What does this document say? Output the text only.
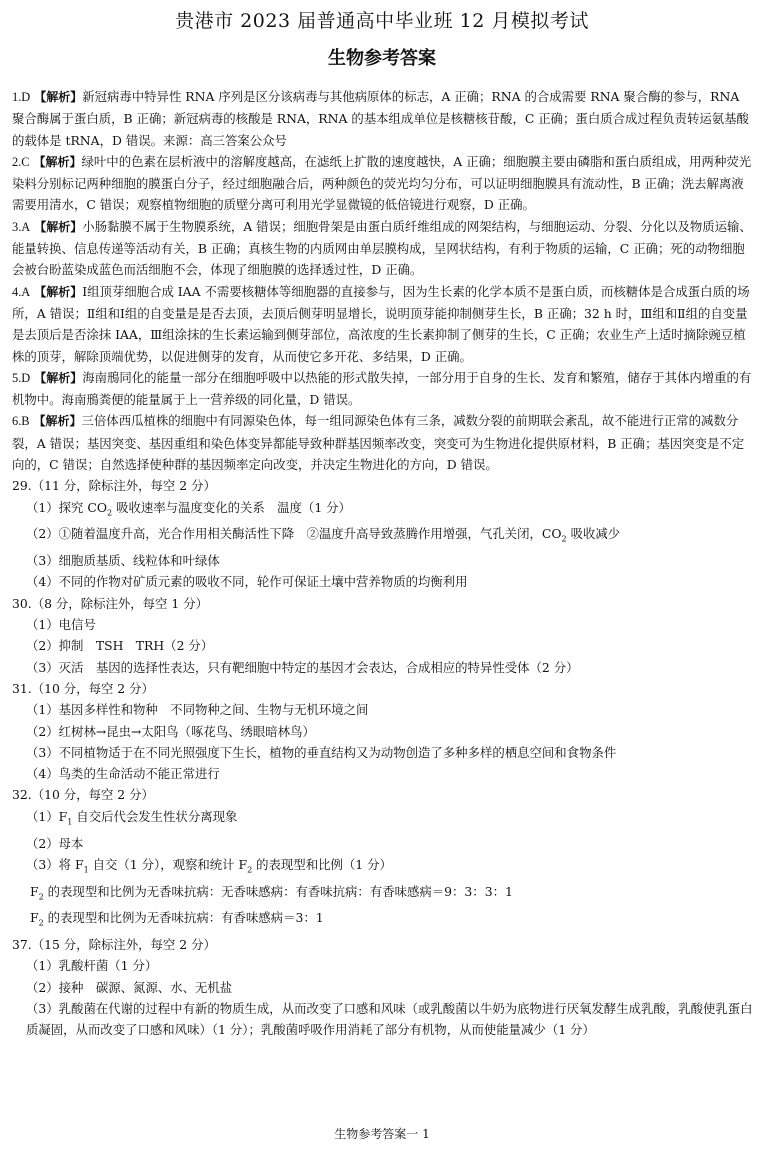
贵港市 2023 届普通高中毕业班 12 月模拟考试
生物参考答案

1.D 【解析】新冠病毒中特异性 RNA 序列是区分该病毒与其他病原体的标志，A 正确；RNA 的合成需要 RNA 聚合酶的参与，RNA 聚合酶属于蛋白质，B 正确；新冠病毒的核酸是 RNA，RNA 的基本组成单位是核糖核苷酸，C 正确；蛋白质合成过程负责转运氨基酸的载体是 tRNA，D 错误。来源：高三答案公众号

2.C 【解析】绿叶中的色素在层析液中的溶解度越高，在滤纸上扩散的速度越快，A 正确；细胞膜主要由磷脂和蛋白质组成，用两种荧光染料分别标记两种细胞的膜蛋白分子，经过细胞融合后，两种颜色的荧光均匀分布，可以证明细胞膜具有流动性，B 正确；洗去解离液需要用清水，C 错误；观察植物细胞的质壁分离可利用光学显微镜的低倍镜进行观察，D 正确。

3.A 【解析】小肠黏膜不属于生物膜系统，A 错误；细胞骨架是由蛋白质纤维组成的网架结构，与细胞运动、分裂、分化以及物质运输、能量转换、信息传递等活动有关，B 正确；真核生物的内质网由单层膜构成，呈网状结构，有利于物质的运输，C 正确；死的动物细胞会被台盼蓝染成蓝色而活细胞不会，体现了细胞膜的选择透过性，D 正确。

4.A 【解析】Ⅰ组顶芽细胞合成 IAA 不需要核糖体等细胞器的直接参与，因为生长素的化学本质不是蛋白质，而核糖体是合成蛋白质的场所，A 错误；Ⅱ组和Ⅰ组的自变量是是否去顶，去顶后侧芽明显增长，说明顶芽能抑制侧芽生长，B 正确；32 h 时，Ⅲ组和Ⅱ组的自变量是去顶后是否涂抹 IAA，Ⅲ组涂抹的生长素运输到侧芽部位，高浓度的生长素抑制了侧芽的生长，C 正确；农业生产上适时摘除豌豆植株的顶芽，解除顶端优势，以促进侧芽的发育，从而使它多开花、多结果，D 正确。

5.D 【解析】海南鳽同化的能量一部分在细胞呼吸中以热能的形式散失掉，一部分用于自身的生长、发育和繁殖，储存于其体内增重的有机物中。海南鳽粪便的能量属于上一营养级的同化量，D 错误。

6.B 【解析】三倍体西瓜植株的细胞中有同源染色体，每一组同源染色体有三条，减数分裂的前期联会紊乱，故不能进行正常的减数分裂，A 错误；基因突变、基因重组和染色体变异都能导致种群基因频率改变，突变可为生物进化提供原材料，B 正确；基因突变是不定向的，C 错误；自然选择使种群的基因频率定向改变，并决定生物进化的方向，D 错误。

29.（11 分，除标注外，每空 2 分）

（1）探究 $CO_2$ 吸收速率与温度变化的关系　温度（1 分）

（2）①随着温度升高，光合作用相关酶活性下降　②温度升高导致蒸腾作用增强，气孔关闭，$CO_2$ 吸收减少

（3）细胞质基质、线粒体和叶绿体

（4）不同的作物对矿质元素的吸收不同，轮作可保证土壤中营养物质的均衡利用

30.（8 分，除标注外，每空 1 分）

（1）电信号

（2）抑制　TSH　TRH（2 分）

（3）灭活　基因的选择性表达，只有靶细胞中特定的基因才会表达，合成相应的特异性受体（2 分）

31.（10 分，每空 2 分）

（1）基因多样性和物种　不同物种之间、生物与无机环境之间

（2）红树林→昆虫→太阳鸟（啄花鸟、绣眼暗林鸟）

（3）不同植物适于在不同光照强度下生长，植物的垂直结构又为动物创造了多种多样的栖息空间和食物条件

（4）鸟类的生命活动不能正常进行

32.（10 分，每空 2 分）

$(1)F_1$ 自交后代会发生性状分离现象

（2）母本

（3）将 $F_1$ 自交（1 分），观察和统计 $F_2$ 的表现型和比例（1 分）

$F_2$ 的表现型和比例为无香味抗病：无香味感病：有香味抗病：有香味感病＝9：3：3：1

$F_2$ 的表现型和比例为无香味抗病：有香味感病＝3：1

37.（15 分，除标注外，每空 2 分）

（1）乳酸杆菌（1 分）

（2）接种　碳源、氮源、水、无机盐

（3）乳酸菌在代谢的过程中有新的物质生成，从而改变了口感和风味（或乳酸菌以牛奶为底物进行厌氧发酵生成乳酸，乳酸使乳蛋白质凝固，从而改变了口感和风味）（1 分）；乳酸菌呼吸作用消耗了部分有机物，从而使能量减少（1 分）

生物参考答案一 1
